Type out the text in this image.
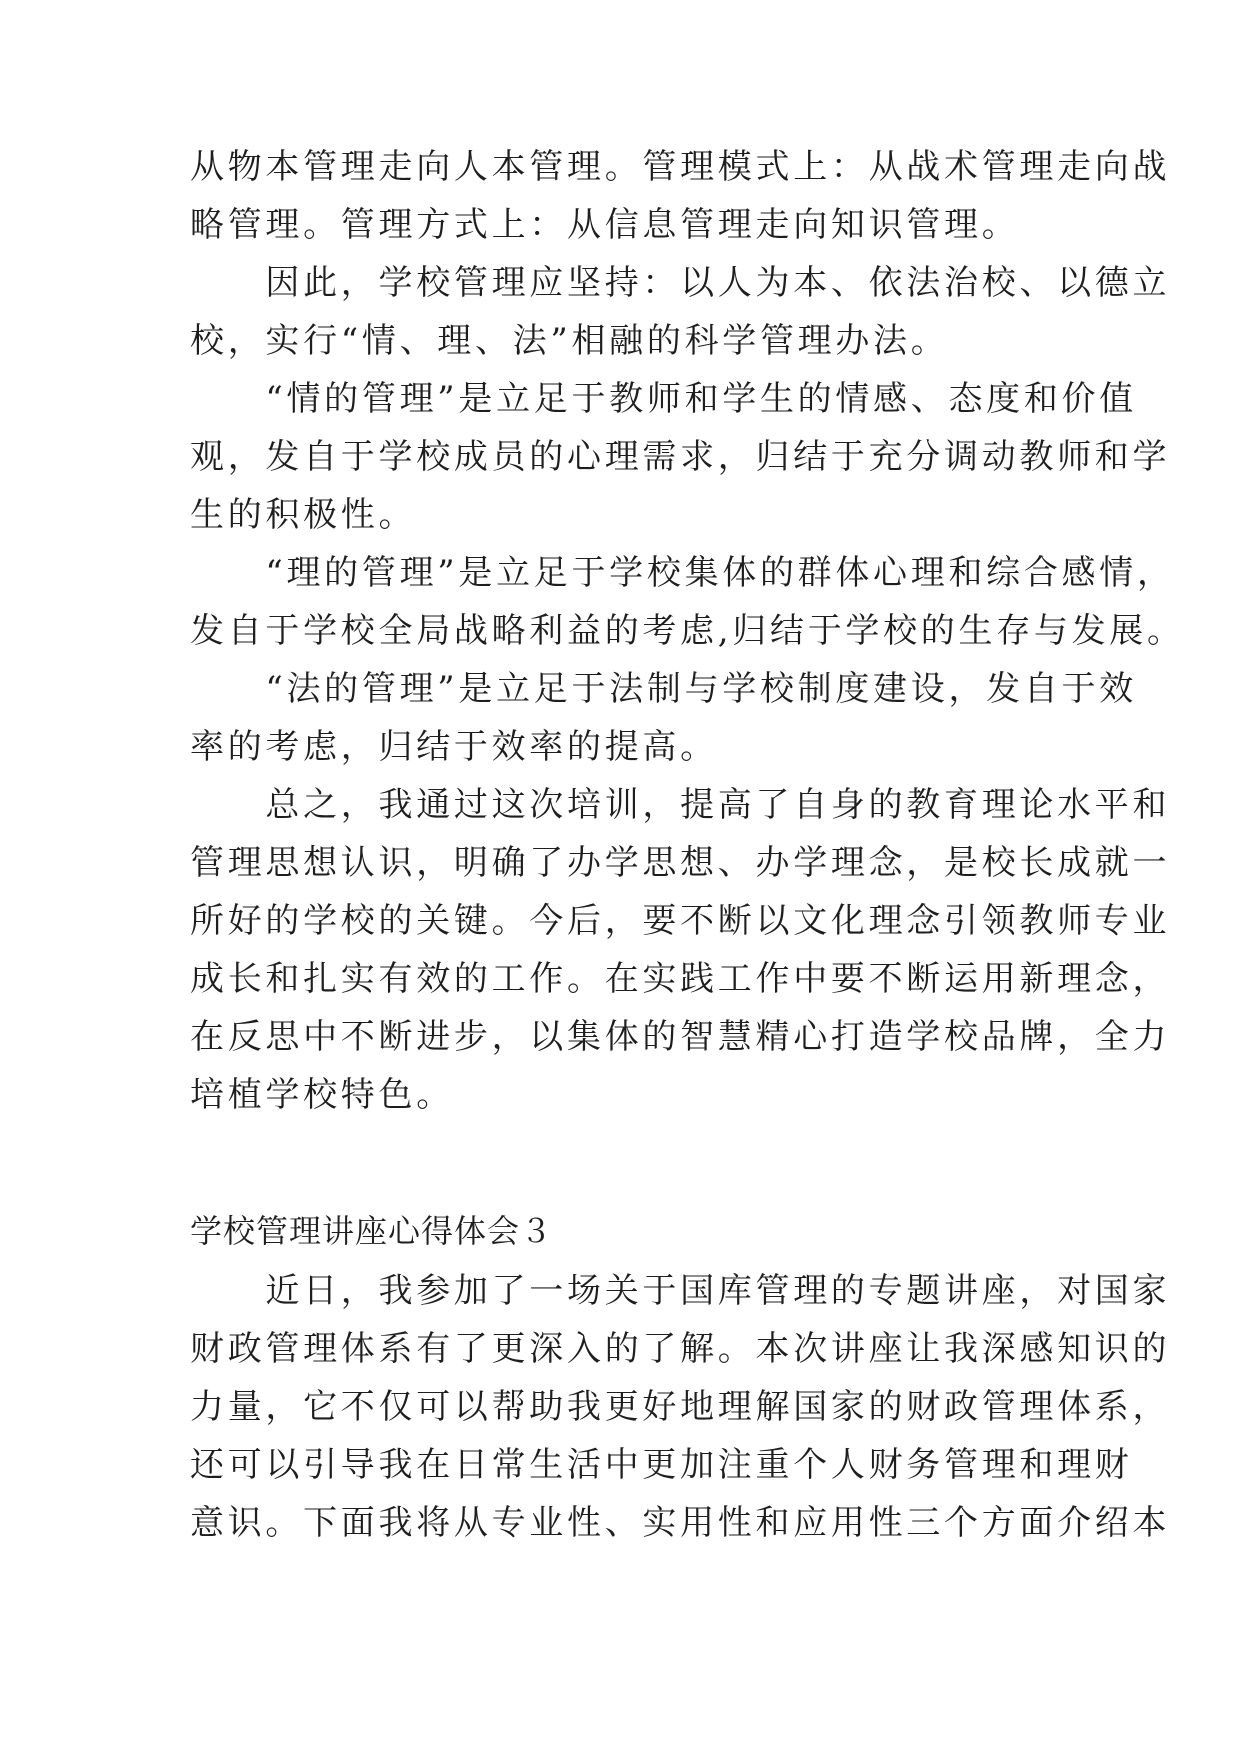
从物本管理走向人本管理。管理模式上：从战术管理走向战
略管理。管理方式上：从信息管理走向知识管理。
　　因此，学校管理应坚持：以人为本、依法治校、以德立
校，实行“情、理、法”相融的科学管理办法。
　　“情的管理”是立足于教师和学生的情感、态度和价值
观，发自于学校成员的心理需求，归结于充分调动教师和学
生的积极性。
　　“理的管理”是立足于学校集体的群体心理和综合感情，
发自于学校全局战略利益的考虑,归结于学校的生存与发展。
　　“法的管理”是立足于法制与学校制度建设，发自于效
率的考虑，归结于效率的提高。
　　总之，我通过这次培训，提高了自身的教育理论水平和
管理思想认识，明确了办学思想、办学理念，是校长成就一
所好的学校的关键。今后，要不断以文化理念引领教师专业
成长和扎实有效的工作。在实践工作中要不断运用新理念，
在反思中不断进步，以集体的智慧精心打造学校品牌，全力
培植学校特色。
学校管理讲座心得体会３
　　近日，我参加了一场关于国库管理的专题讲座，对国家
财政管理体系有了更深入的了解。本次讲座让我深感知识的
力量，它不仅可以帮助我更好地理解国家的财政管理体系，
还可以引导我在日常生活中更加注重个人财务管理和理财
意识。下面我将从专业性、实用性和应用性三个方面介绍本
